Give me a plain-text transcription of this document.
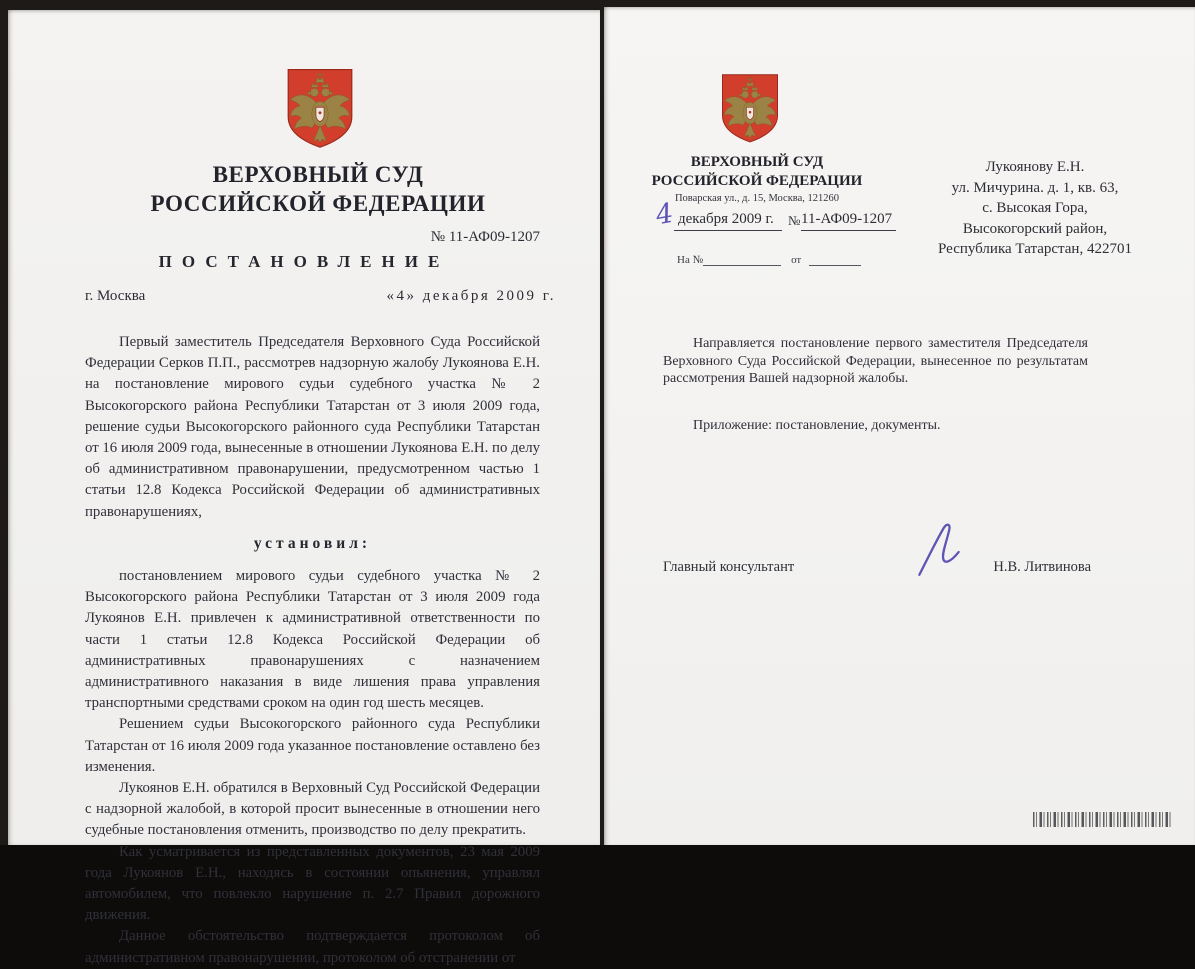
ВЕРХОВНЫЙ СУД
РОССИЙСКОЙ ФЕДЕРАЦИИ
№ 11-АФ09-1207
ПОСТАНОВЛЕНИЕ
г. Москва	«4» декабря 2009 г.

Первый заместитель Председателя Верховного Суда Российской Федерации Серков П.П., рассмотрев надзорную жалобу Лукоянова Е.Н. на постановление мирового судьи судебного участка № 2 Высокогорского района Республики Татарстан от 3 июля 2009 года, решение судьи Высокогорского районного суда Республики Татарстан от 16 июля 2009 года, вынесенные в отношении Лукоянова Е.Н. по делу об административном правонарушении, предусмотренном частью 1 статьи 12.8 Кодекса Российской Федерации об административных правонарушениях,

установил:

постановлением мирового судьи судебного участка № 2 Высокогорского района Республики Татарстан от 3 июля 2009 года Лукоянов Е.Н. привлечен к административной ответственности по части 1 статьи 12.8 Кодекса Российской Федерации об административных правонарушениях с назначением административного наказания в виде лишения права управления транспортными средствами сроком на один год шесть месяцев.

Решением судьи Высокогорского районного суда Республики Татарстан от 16 июля 2009 года указанное постановление оставлено без изменения.

Лукоянов Е.Н. обратился в Верховный Суд Российской Федерации с надзорной жалобой, в которой просит вынесенные в отношении него судебные постановления отменить, производство по делу прекратить.

Как усматривается из представленных документов, 23 мая 2009 года Лукоянов Е.Н., находясь в состоянии опьянения, управлял автомобилем, что повлекло нарушение п. 2.7 Правил дорожного движения.

Данное обстоятельство подтверждается протоколом об административном правонарушении, протоколом об отстранении от

ВЕРХОВНЫЙ СУД
РОССИЙСКОЙ ФЕДЕРАЦИИ
Поварская ул., д. 15, Москва, 121260
4 декабря 2009 г.	№ 11-АФ09-1207
На №	от
Лукоянову Е.Н.
ул. Мичурина. д. 1, кв. 63,
с. Высокая Гора,
Высокогорский район,
Республика Татарстан, 422701

Направляется постановление первого заместителя Председателя Верховного Суда Российской Федерации, вынесенное по результатам рассмотрения Вашей надзорной жалобы.

Приложение: постановление, документы.

Главный консультант	Н.В. Литвинова
